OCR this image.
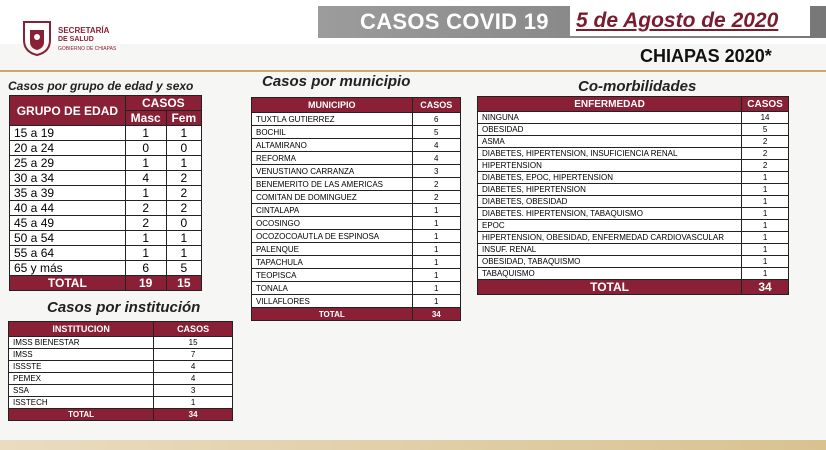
CASOS COVID 19 5 de Agosto de 2020
CHIAPAS 2020*
SECRETARÍA
DE SALUD
GOBIERNO DE CHIAPAS
Casos por grupo de edad y sexo
GRUPO DE EDAD	CASOS	
	Masc	Fem
15 a 19	1	1
20 a 24	0	0
25 a 29	1	1
30 a 34	4	2
35 a 39	1	2
40 a 44	2	2
45 a 49	2	0
50 a 54	1	1
55 a 64	1	1
65 y más	6	5
TOTAL	19	15
Casos por institución
INSTITUCION	CASOS
IMSS BIENESTAR	15
IMSS	7
ISSSTE	4
PEMEX	4
SSA	3
ISSTECH	1
TOTAL	34
Casos por municipio
MUNICIPIO	CASOS
TUXTLA GUTIERREZ	6
BOCHIL	5
ALTAMIRANO	4
REFORMA	4
VENUSTIANO CARRANZA	3
BENEMERITO DE LAS AMERICAS	2
COMITAN DE DOMINGUEZ	2
CINTALAPA	1
OCOSINGO	1
OCOZOCOAUTLA DE ESPINOSA	1
PALENQUE	1
TAPACHULA	1
TEOPISCA	1
TONALA	1
VILLAFLORES	1
TOTAL	34
Co-morbilidades
ENFERMEDAD	CASOS
NINGUNA	14
OBESIDAD	5
ASMA	2
DIABETES, HIPERTENSION, INSUFICIENCIA RENAL	2
HIPERTENSION	2
DIABETES, EPOC, HIPERTENSION	1
DIABETES, HIPERTENSION	1
DIABETES, OBESIDAD	1
DIABETES. HIPERTENSION, TABAQUISMO	1
EPOC	1
HIPERTENSION, OBESIDAD, ENFERMEDAD CARDIOVASCULAR	1
INSUF. RENAL	1
OBESIDAD, TABAQUISMO	1
TABAQUISMO	1
TOTAL	34
